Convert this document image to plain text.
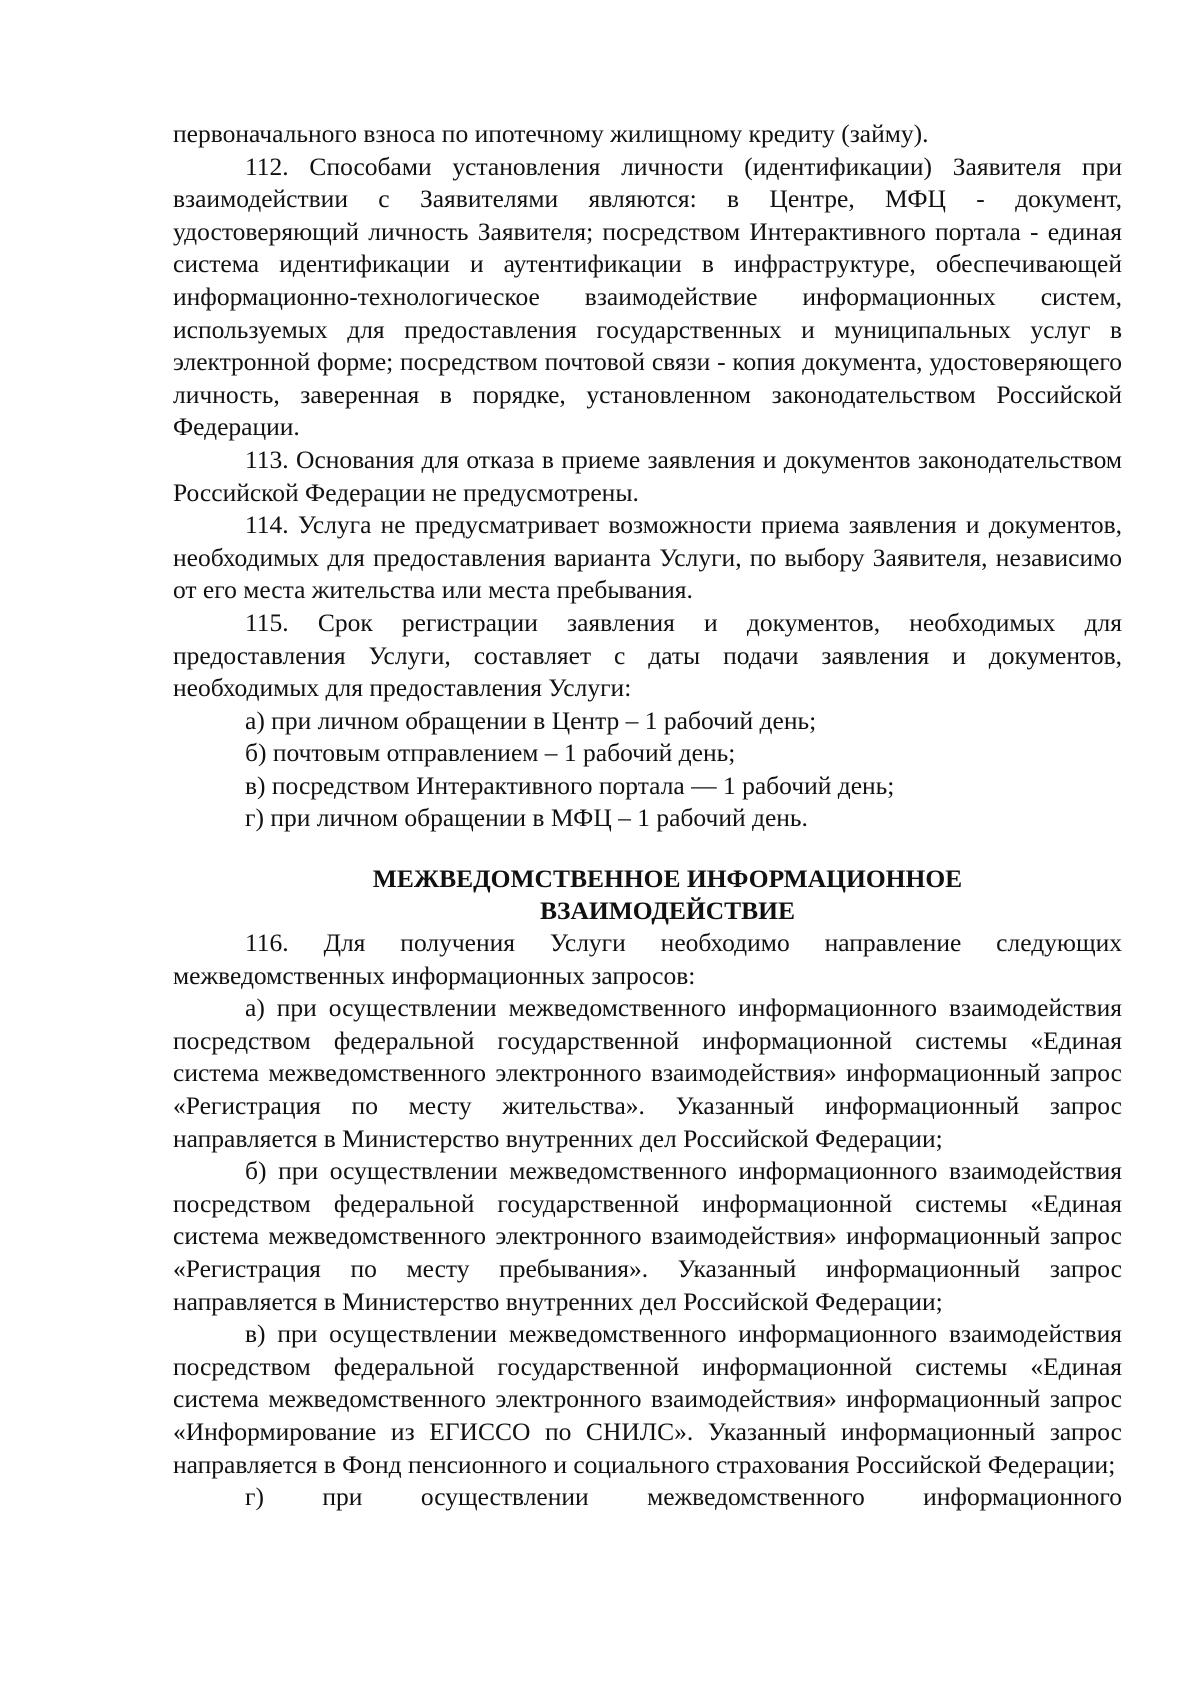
первоначального взноса по ипотечному жилищному кредиту (займу).

112. Способами установления личности (идентификации) Заявителя при взаимодействии с Заявителями являются: в Центре, МФЦ - документ, удостоверяющий личность Заявителя; посредством Интерактивного портала - единая система идентификации и аутентификации в инфраструктуре, обеспечивающей информационно-технологическое взаимодействие информационных систем, используемых для предоставления государственных и муниципальных услуг в электронной форме; посредством почтовой связи - копия документа, удостоверяющего личность, заверенная в порядке, установленном законодательством Российской Федерации.

113. Основания для отказа в приеме заявления и документов законодательством Российской Федерации не предусмотрены.

114. Услуга не предусматривает возможности приема заявления и документов, необходимых для предоставления варианта Услуги, по выбору Заявителя, независимо от его места жительства или места пребывания.

115. Срок регистрации заявления и документов, необходимых для предоставления Услуги, составляет с даты подачи заявления и документов, необходимых для предоставления Услуги:

а) при личном обращении в Центр – 1 рабочий день;

б) почтовым отправлением – 1 рабочий день;

в) посредством Интерактивного портала — 1 рабочий день;

г) при личном обращении в МФЦ – 1 рабочий день.

МЕЖВЕДОМСТВЕННОЕ ИНФОРМАЦИОННОЕ
ВЗАИМОДЕЙСТВИЕ

116. Для получения Услуги необходимо направление следующих межведомственных информационных запросов:

а) при осуществлении межведомственного информационного взаимодействия посредством федеральной государственной информационной системы «Единая система межведомственного электронного взаимодействия» информационный запрос «Регистрация по месту жительства». Указанный информационный запрос направляется в Министерство внутренних дел Российской Федерации;

б) при осуществлении межведомственного информационного взаимодействия посредством федеральной государственной информационной системы «Единая система межведомственного электронного взаимодействия» информационный запрос «Регистрация по месту пребывания». Указанный информационный запрос направляется в Министерство внутренних дел Российской Федерации;

в) при осуществлении межведомственного информационного взаимодействия посредством федеральной государственной информационной системы «Единая система межведомственного электронного взаимодействия» информационный запрос «Информирование из ЕГИССО по СНИЛС». Указанный информационный запрос направляется в Фонд пенсионного и социального страхования Российской Федерации;

г) при осуществлении межведомственного информационного
